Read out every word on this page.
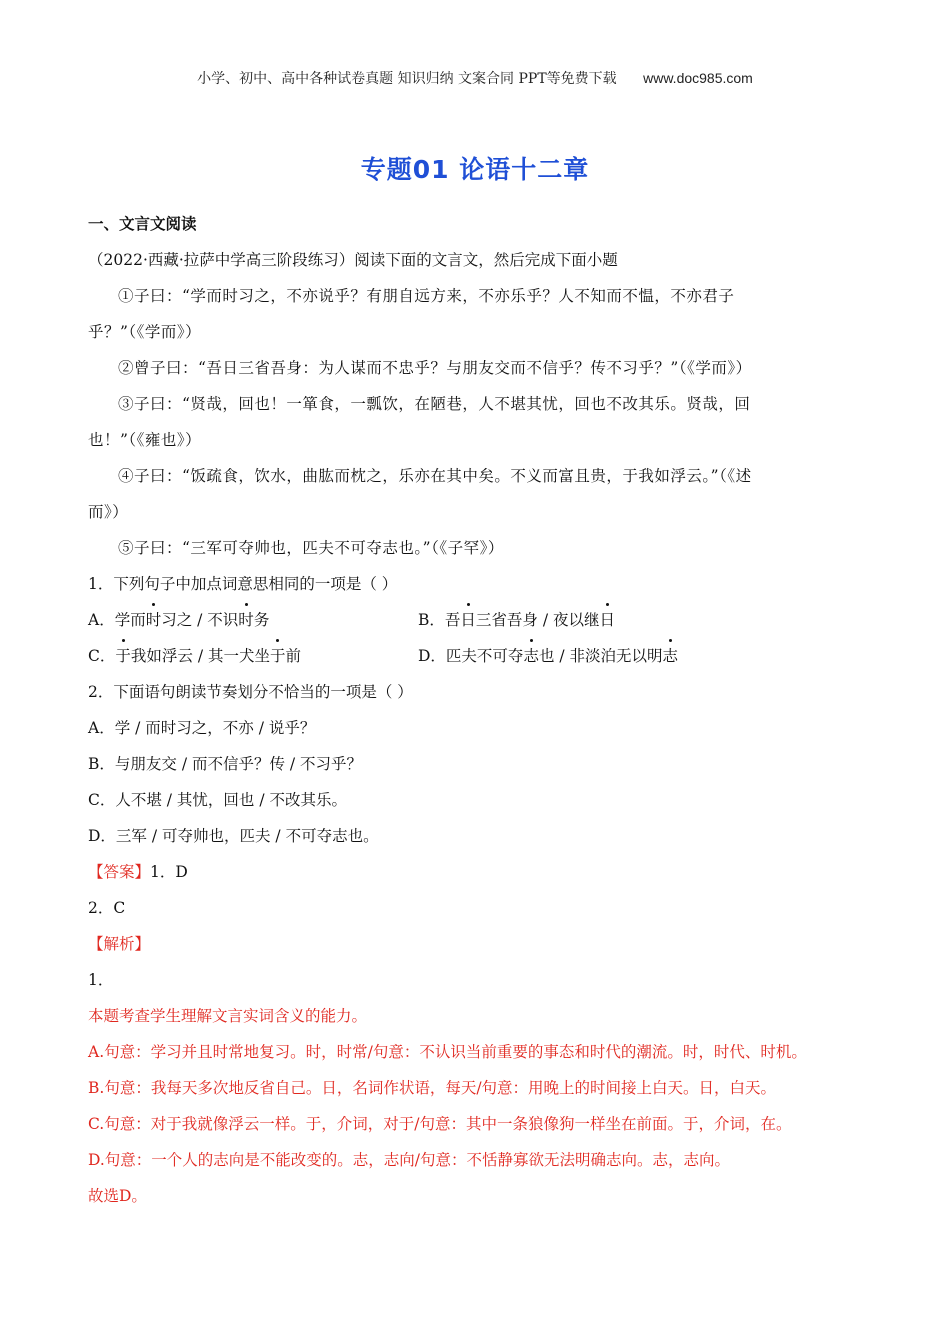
小学、初中、高中各种试卷真题 知识归纳 文案合同 PPT等免费下载 www.doc985.com
专题01 论语十二章
一、文言文阅读
（2022·西藏·拉萨中学高三阶段练习）阅读下面的文言文，然后完成下面小题
①子曰：“学而时习之，不亦说乎？有朋自远方来，不亦乐乎？人不知而不愠，不亦君子
乎？”（《学而》）
②曾子曰：“吾日三省吾身：为人谋而不忠乎？与朋友交而不信乎？传不习乎？”（《学而》）
③子曰：“贤哉，回也！一箪食，一瓢饮，在陋巷，人不堪其忧，回也不改其乐。贤哉，回
也！”（《雍也》）
④子曰：“饭疏食，饮水，曲肱而枕之，乐亦在其中矣。不义而富且贵，于我如浮云。”（《述
而》）
⑤子曰：“三军可夺帅也，匹夫不可夺志也。”（《子罕》）
1．下列句子中加点词意思相同的一项是（ ）
A．学而时习之 / 不识时务	B．吾日三省吾身 / 夜以继日
C．于我如浮云 / 其一犬坐于前	D．匹夫不可夺志也 / 非淡泊无以明志
2．下面语句朗读节奏划分不恰当的一项是（ ）
A．学 / 而时习之，不亦 / 说乎？
B．与朋友交 / 而不信乎？传 / 不习乎？
C．人不堪 / 其忧，回也 / 不改其乐。
D．三军 / 可夺帅也，匹夫 / 不可夺志也。
【答案】1．D
2．C
【解析】
1．
本题考查学生理解文言实词含义的能力。
A.句意：学习并且时常地复习。时，时常/句意：不认识当前重要的事态和时代的潮流。时，时代、时机。
B.句意：我每天多次地反省自己。日，名词作状语，每天/句意：用晚上的时间接上白天。日，白天。
C.句意：对于我就像浮云一样。于，介词，对于/句意：其中一条狼像狗一样坐在前面。于，介词，在。
D.句意：一个人的志向是不能改变的。志，志向/句意：不恬静寡欲无法明确志向。志，志向。
故选D。
